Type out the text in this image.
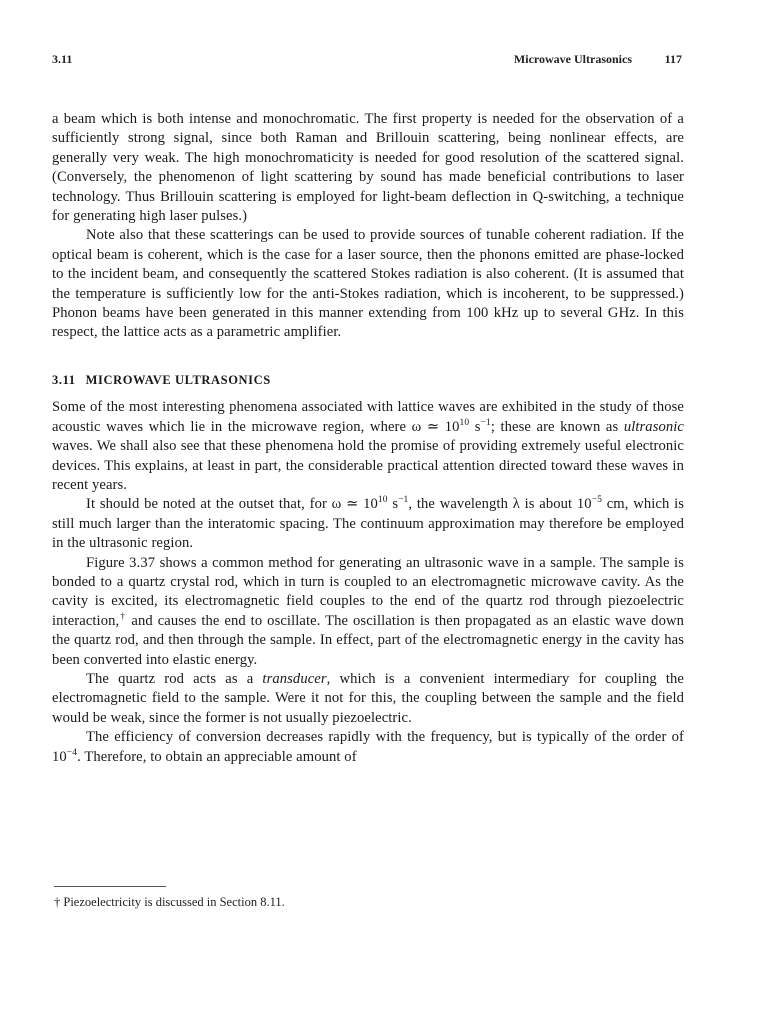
3.11	Microwave Ultrasonics	117

a beam which is both intense and monochromatic. The first property is needed for the observation of a sufficiently strong signal, since both Raman and Brillouin scattering, being nonlinear effects, are generally very weak. The high monochromaticity is needed for good resolution of the scattered signal. (Conversely, the phenomenon of light scattering by sound has made beneficial contributions to laser technology. Thus Brillouin scattering is employed for light-beam deflection in Q-switching, a technique for generating high laser pulses.)

Note also that these scatterings can be used to provide sources of tunable coherent radiation. If the optical beam is coherent, which is the case for a laser source, then the phonons emitted are phase-locked to the incident beam, and consequently the scattered Stokes radiation is also coherent. (It is assumed that the temperature is sufficiently low for the anti-Stokes radiation, which is incoherent, to be suppressed.) Phonon beams have been generated in this manner extending from 100 kHz up to several GHz. In this respect, the lattice acts as a parametric amplifier.

3.11 MICROWAVE ULTRASONICS

Some of the most interesting phenomena associated with lattice waves are exhibited in the study of those acoustic waves which lie in the microwave region, where ω ≃ $10^{10}$ $s^{-1}$; these are known as ultrasonic waves. We shall also see that these phenomena hold the promise of providing extremely useful electronic devices. This explains, at least in part, the considerable practical attention directed toward these waves in recent years.

It should be noted at the outset that, for ω ≃ $10^{10}$ $s^{-1}$, the wavelength λ is about $10^{-5}$ cm, which is still much larger than the interatomic spacing. The continuum approximation may therefore be employed in the ultrasonic region.

Figure 3.37 shows a common method for generating an ultrasonic wave in a sample. The sample is bonded to a quartz crystal rod, which in turn is coupled to an electromagnetic microwave cavity. As the cavity is excited, its electromagnetic field couples to the end of the quartz rod through piezoelectric interaction,† and causes the end to oscillate. The oscillation is then propagated as an elastic wave down the quartz rod, and then through the sample. In effect, part of the electromagnetic energy in the cavity has been converted into elastic energy.

The quartz rod acts as a transducer, which is a convenient intermediary for coupling the electromagnetic field to the sample. Were it not for this, the coupling between the sample and the field would be weak, since the former is not usually piezoelectric.

The efficiency of conversion decreases rapidly with the frequency, but is typically of the order of $10^{-4}$. Therefore, to obtain an appreciable amount of

† Piezoelectricity is discussed in Section 8.11.
